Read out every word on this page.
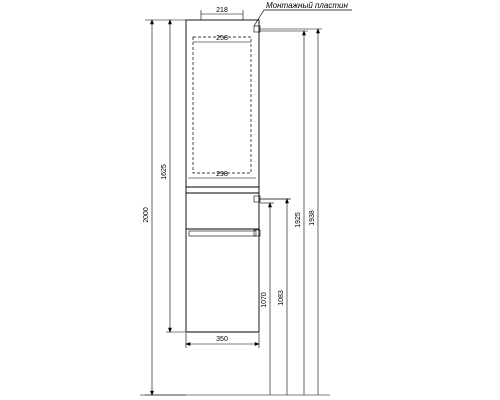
Монтажный пластин
218
258
298
350
2000
1625
1938
1925
1083
1070
